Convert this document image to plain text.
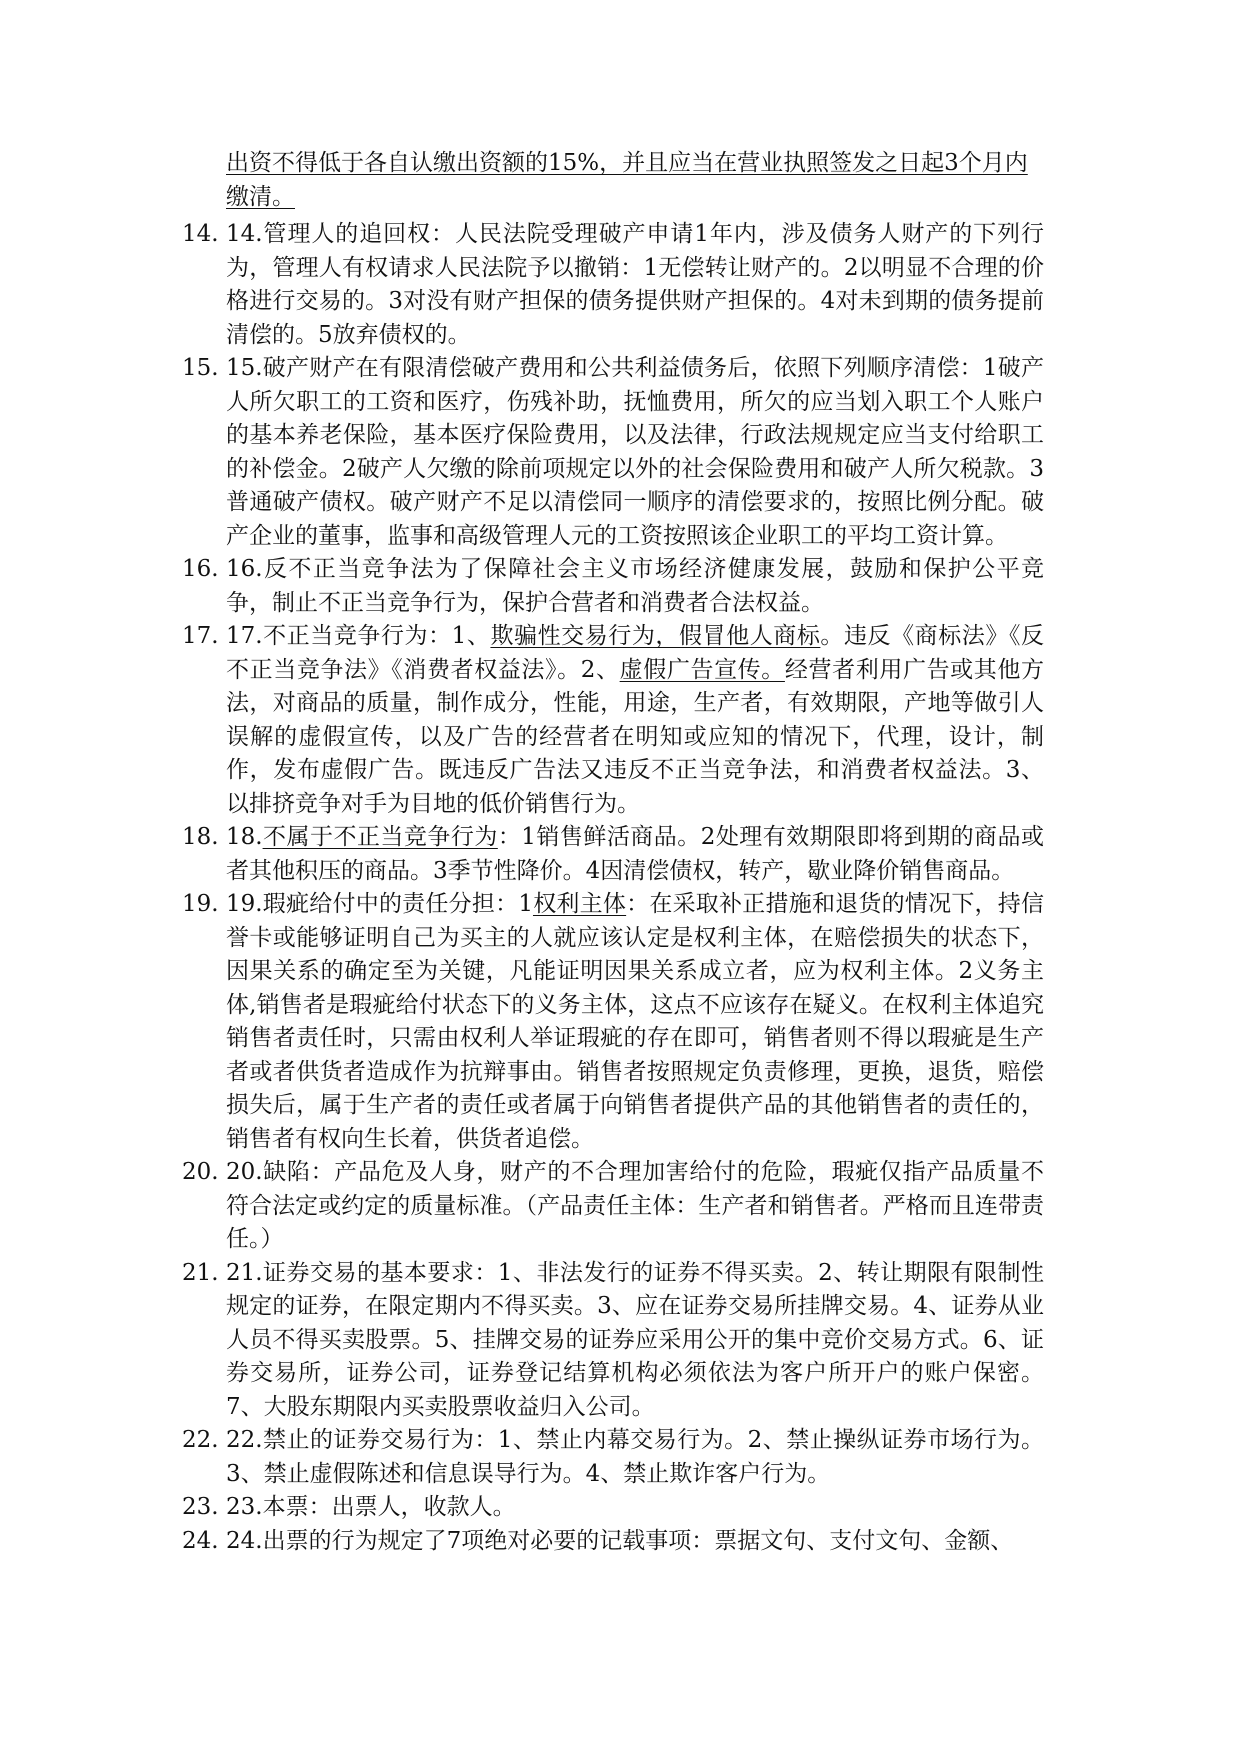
出资不得低于各自认缴出资额的15%，并且应当在营业执照签发之日起3个月内缴清。
14. 14.管理人的追回权：人民法院受理破产申请1年内，涉及债务人财产的下列行为，管理人有权请求人民法院予以撤销：1无偿转让财产的。2以明显不合理的价格进行交易的。3对没有财产担保的债务提供财产担保的。4对未到期的债务提前清偿的。5放弃债权的。
15. 15.破产财产在有限清偿破产费用和公共利益债务后，依照下列顺序清偿：1破产人所欠职工的工资和医疗，伤残补助，抚恤费用，所欠的应当划入职工个人账户的基本养老保险，基本医疗保险费用，以及法律，行政法规规定应当支付给职工的补偿金。2破产人欠缴的除前项规定以外的社会保险费用和破产人所欠税款。3普通破产债权。破产财产不足以清偿同一顺序的清偿要求的，按照比例分配。破产企业的董事，监事和高级管理人元的工资按照该企业职工的平均工资计算。
16. 16.反不正当竞争法为了保障社会主义市场经济健康发展，鼓励和保护公平竞争，制止不正当竞争行为，保护合营者和消费者合法权益。
17. 17.不正当竞争行为：1、欺骗性交易行为，假冒他人商标。违反《商标法》《反不正当竞争法》《消费者权益法》。2、虚假广告宣传。经营者利用广告或其他方法，对商品的质量，制作成分，性能，用途，生产者，有效期限，产地等做引人误解的虚假宣传，以及广告的经营者在明知或应知的情况下，代理，设计，制作，发布虚假广告。既违反广告法又违反不正当竞争法，和消费者权益法。3、以排挤竞争对手为目地的低价销售行为。
18. 18.不属于不正当竞争行为：1销售鲜活商品。2处理有效期限即将到期的商品或者其他积压的商品。3季节性降价。4因清偿债权，转产，歇业降价销售商品。
19. 19.瑕疵给付中的责任分担：1权利主体：在采取补正措施和退货的情况下，持信誉卡或能够证明自己为买主的人就应该认定是权利主体，在赔偿损失的状态下，因果关系的确定至为关键，凡能证明因果关系成立者，应为权利主体。2义务主体,销售者是瑕疵给付状态下的义务主体，这点不应该存在疑义。在权利主体追究销售者责任时，只需由权利人举证瑕疵的存在即可，销售者则不得以瑕疵是生产者或者供货者造成作为抗辩事由。销售者按照规定负责修理，更换，退货，赔偿损失后，属于生产者的责任或者属于向销售者提供产品的其他销售者的责任的，销售者有权向生长着，供货者追偿。
20. 20.缺陷：产品危及人身，财产的不合理加害给付的危险，瑕疵仅指产品质量不符合法定或约定的质量标准。（产品责任主体：生产者和销售者。严格而且连带责任。）
21. 21.证券交易的基本要求：1、非法发行的证券不得买卖。2、转让期限有限制性规定的证券，在限定期内不得买卖。3、应在证券交易所挂牌交易。4、证券从业人员不得买卖股票。5、挂牌交易的证券应采用公开的集中竞价交易方式。6、证券交易所，证券公司，证券登记结算机构必须依法为客户所开户的账户保密。7、大股东期限内买卖股票收益归入公司。
22. 22.禁止的证券交易行为：1、禁止内幕交易行为。2、禁止操纵证券市场行为。3、禁止虚假陈述和信息误导行为。4、禁止欺诈客户行为。
23. 23.本票：出票人，收款人。
24. 24.出票的行为规定了7项绝对必要的记载事项：票据文句、支付文句、金额、
